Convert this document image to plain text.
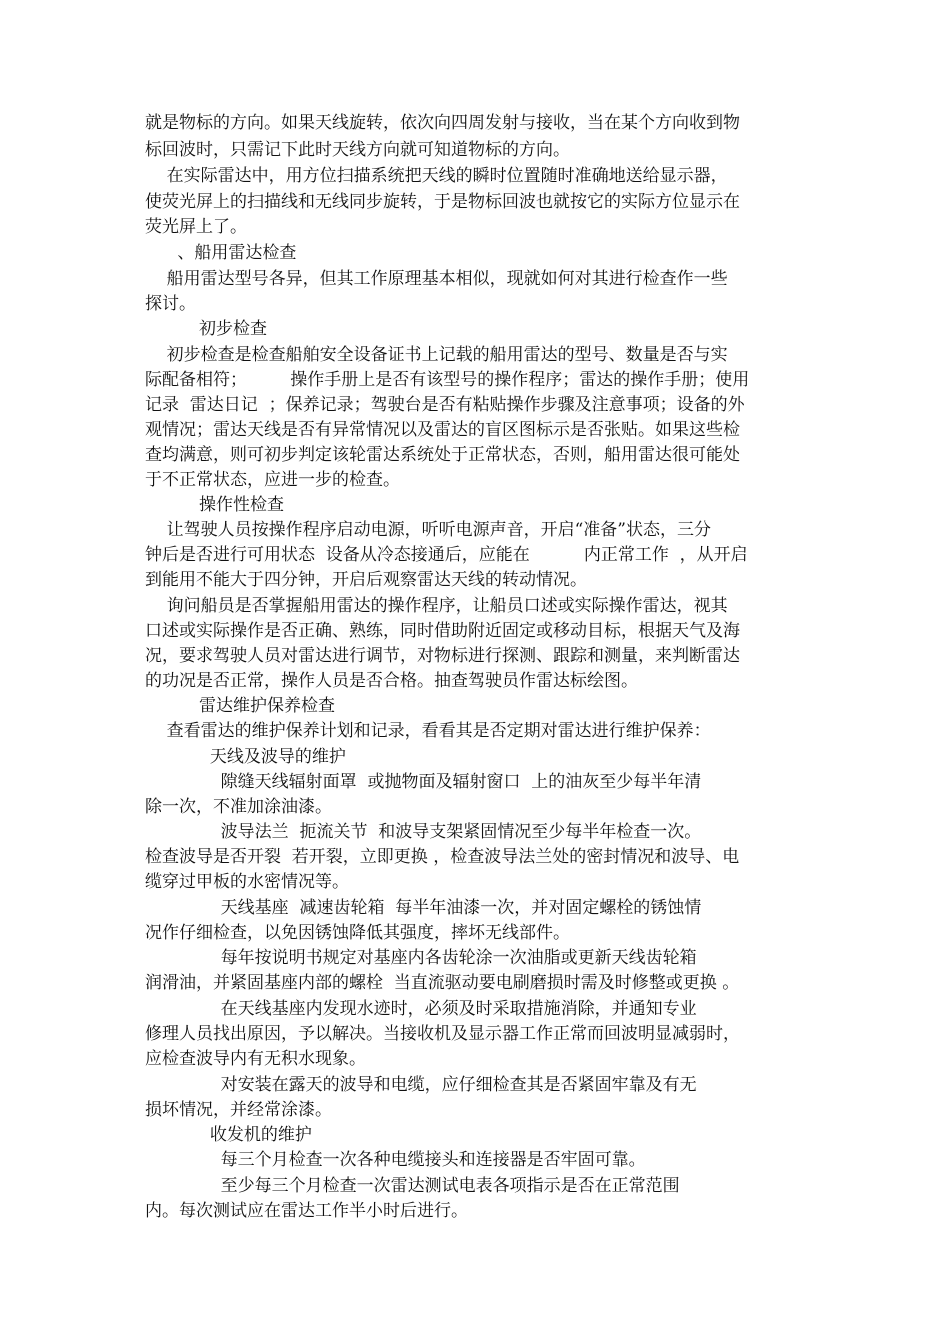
就是物标的方向。如果天线旋转，依次向四周发射与接收，当在某个方向收到物
标回波时，只需记下此时天线方向就可知道物标的方向。
在实际雷达中，用方位扫描系统把天线的瞬时位置随时准确地送给显示器，
使荧光屏上的扫描线和无线同步旋转，于是物标回波也就按它的实际方位显示在
荧光屏上了。
、船用雷达检查
船用雷达型号各异，但其工作原理基本相似，现就如何对其进行检查作一些
探讨。
初步检查
初步检查是检查船舶安全设备证书上记载的船用雷达的型号、数量是否与实
际配备相符；        操作手册上是否有该型号的操作程序；雷达的操作手册；使用
记录  雷达日记  ；保养记录；驾驶台是否有粘贴操作步骤及注意事项；设备的外
观情况；雷达天线是否有异常情况以及雷达的盲区图标示是否张贴。如果这些检
查均满意，则可初步判定该轮雷达系统处于正常状态，否则，船用雷达很可能处
于不正常状态，应进一步的检查。
操作性检查
让驾驶人员按操作程序启动电源，听听电源声音，开启“准备”状态，三分
钟后是否进行可用状态  设备从冷态接通后，应能在          内正常工作  ，从开启
到能用不能大于四分钟，开启后观察雷达天线的转动情况。
询问船员是否掌握船用雷达的操作程序，让船员口述或实际操作雷达，视其
口述或实际操作是否正确、熟练，同时借助附近固定或移动目标，根据天气及海
况，要求驾驶人员对雷达进行调节，对物标进行探测、跟踪和测量，来判断雷达
的功况是否正常，操作人员是否合格。抽查驾驶员作雷达标绘图。
雷达维护保养检查
查看雷达的维护保养计划和记录，看看其是否定期对雷达进行维护保养：
天线及波导的维护
隙缝天线辐射面罩  或抛物面及辐射窗口  上的油灰至少每半年清
除一次，不准加涂油漆。
波导法兰  扼流关节  和波导支架紧固情况至少每半年检查一次。
检查波导是否开裂  若开裂，立即更换 ，检查波导法兰处的密封情况和波导、电
缆穿过甲板的水密情况等。
天线基座  减速齿轮箱  每半年油漆一次，并对固定螺栓的锈蚀情
况作仔细检查，以免因锈蚀降低其强度，摔坏无线部件。
每年按说明书规定对基座内各齿轮涂一次油脂或更新天线齿轮箱
润滑油，并紧固基座内部的螺栓  当直流驱动要电刷磨损时需及时修整或更换 。
在天线基座内发现水迹时，必须及时采取措施消除，并通知专业
修理人员找出原因，予以解决。当接收机及显示器工作正常而回波明显减弱时，
应检查波导内有无积水现象。
对安装在露天的波导和电缆，应仔细检查其是否紧固牢靠及有无
损坏情况，并经常涂漆。
收发机的维护
每三个月检查一次各种电缆接头和连接器是否牢固可靠。
至少每三个月检查一次雷达测试电表各项指示是否在正常范围
内。每次测试应在雷达工作半小时后进行。
